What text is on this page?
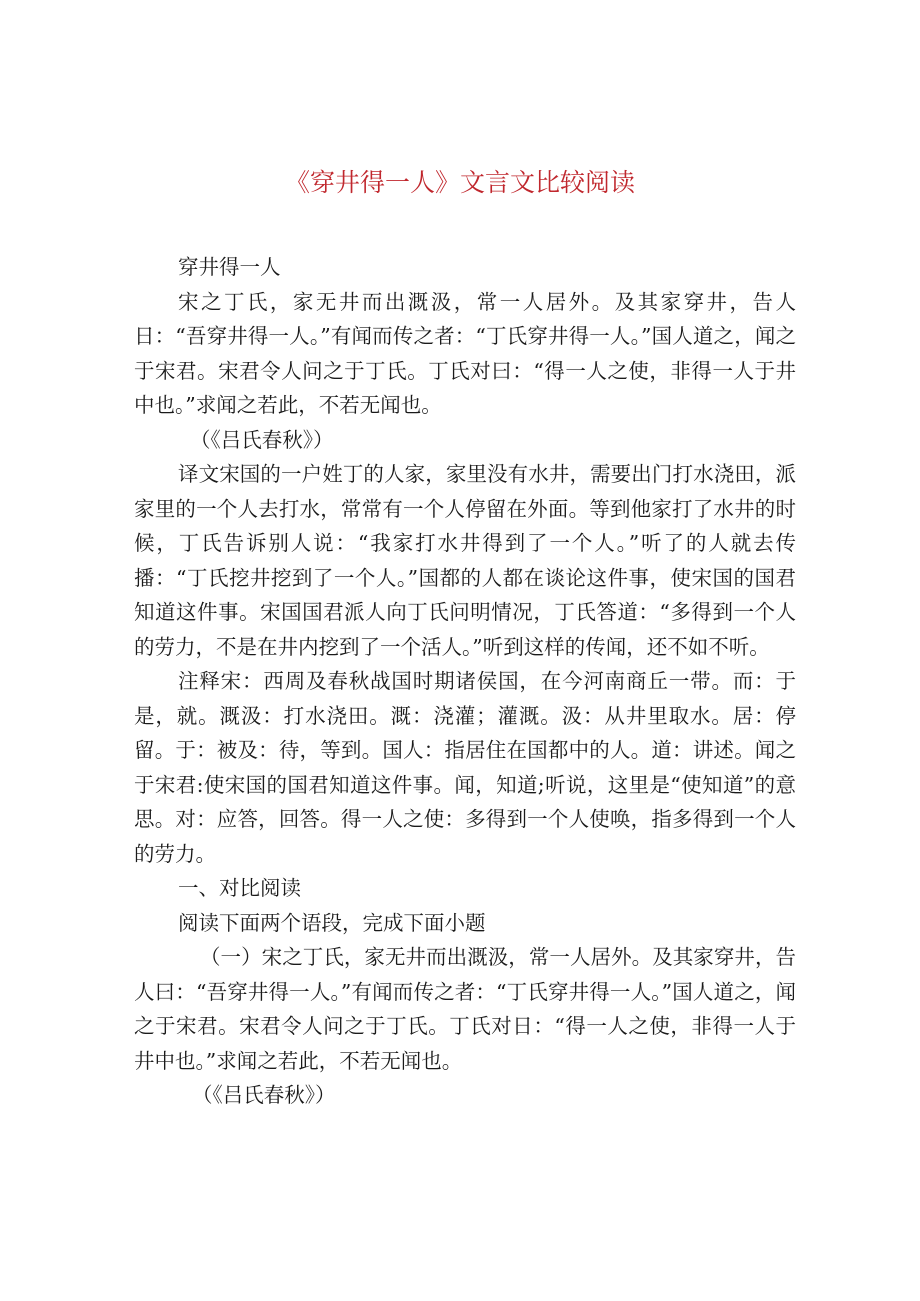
《穿井得一人》文言文比较阅读

穿井得一人

宋之丁氏，家无井而出溉汲，常一人居外。及其家穿井，告人日：“吾穿井得一人。”有闻而传之者：“丁氏穿井得一人。”国人道之，闻之于宋君。宋君令人问之于丁氏。丁氏对曰：“得一人之使，非得一人于井中也。”求闻之若此，不若无闻也。

（《吕氏春秋》）

译文宋国的一户姓丁的人家，家里没有水井，需要出门打水浇田，派家里的一个人去打水，常常有一个人停留在外面。等到他家打了水井的时候，丁氏告诉别人说：“我家打水井得到了一个人。”听了的人就去传播：“丁氏挖井挖到了一个人。”国都的人都在谈论这件事，使宋国的国君知道这件事。宋国国君派人向丁氏问明情况，丁氏答道：“多得到一个人的劳力，不是在井内挖到了一个活人。”听到这样的传闻，还不如不听。

注释宋：西周及春秋战国时期诸侯国，在今河南商丘一带。而：于是，就。溉汲：打水浇田。溉：浇灌；灌溉。汲：从井里取水。居：停留。于：被及：待，等到。国人：指居住在国都中的人。道：讲述。闻之于宋君:使宋国的国君知道这件事。闻，知道;听说，这里是“使知道”的意思。对：应答，回答。得一人之使：多得到一个人使唤，指多得到一个人的劳力。

一、对比阅读

阅读下面两个语段，完成下面小题

（一）宋之丁氏，家无井而出溉汲，常一人居外。及其家穿井，告人曰：“吾穿井得一人。”有闻而传之者：“丁氏穿井得一人。”国人道之，闻之于宋君。宋君令人问之于丁氏。丁氏对日：“得一人之使，非得一人于井中也。”求闻之若此，不若无闻也。

（《吕氏春秋》）
